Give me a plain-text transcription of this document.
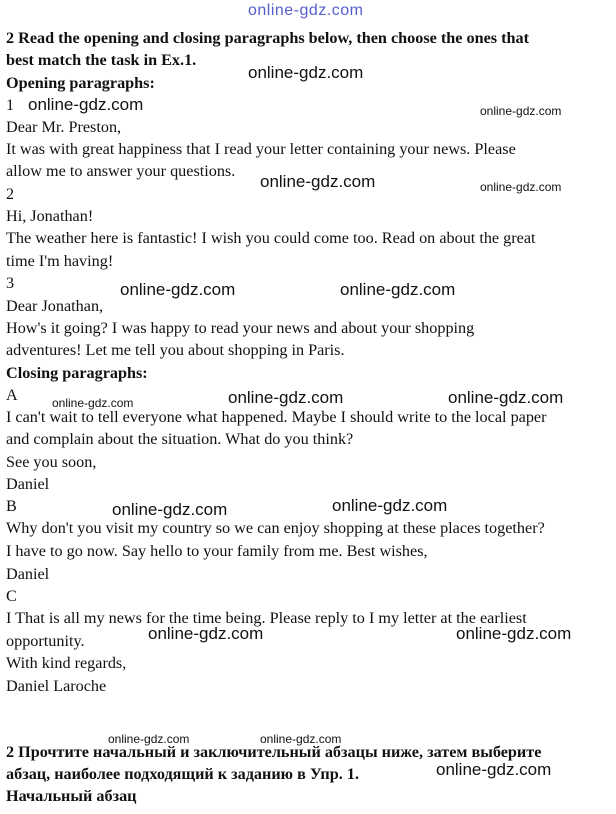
online-gdz.com
2 Read the opening and closing paragraphs below, then choose the ones that
best match the task in Ex.1.
Opening paragraphs:
1
Dear Mr. Preston,
It was with great happiness that I read your letter containing your news. Please
allow me to answer your questions.
2
Hi, Jonathan!
The weather here is fantastic! I wish you could come too. Read on about the great
time I'm having!
3
Dear Jonathan,
How's it going? I was happy to read your news and about your shopping
adventures! Let me tell you about shopping in Paris.
Closing paragraphs:
A
I can't wait to tell everyone what happened. Maybe I should write to the local paper
and complain about the situation. What do you think?
See you soon,
Daniel
B
Why don't you visit my country so we can enjoy shopping at these places together?
I have to go now. Say hello to your family from me. Best wishes,
Daniel
C
I That is all my news for the time being. Please reply to I my letter at the earliest
opportunity.
With kind regards,
Daniel Laroche
2 Прочтите начальный и заключительный абзацы ниже, затем выберите
абзац, наиболее подходящий к заданию в Упр. 1.
Начальный абзац
online-gdz.com
online-gdz.com	online-gdz.com
online-gdz.com	online-gdz.com
online-gdz.com	online-gdz.com
online-gdz.com	online-gdz.com	online-gdz.com
online-gdz.com	online-gdz.com
online-gdz.com	online-gdz.com
online-gdz.com	online-gdz.com
online-gdz.com
